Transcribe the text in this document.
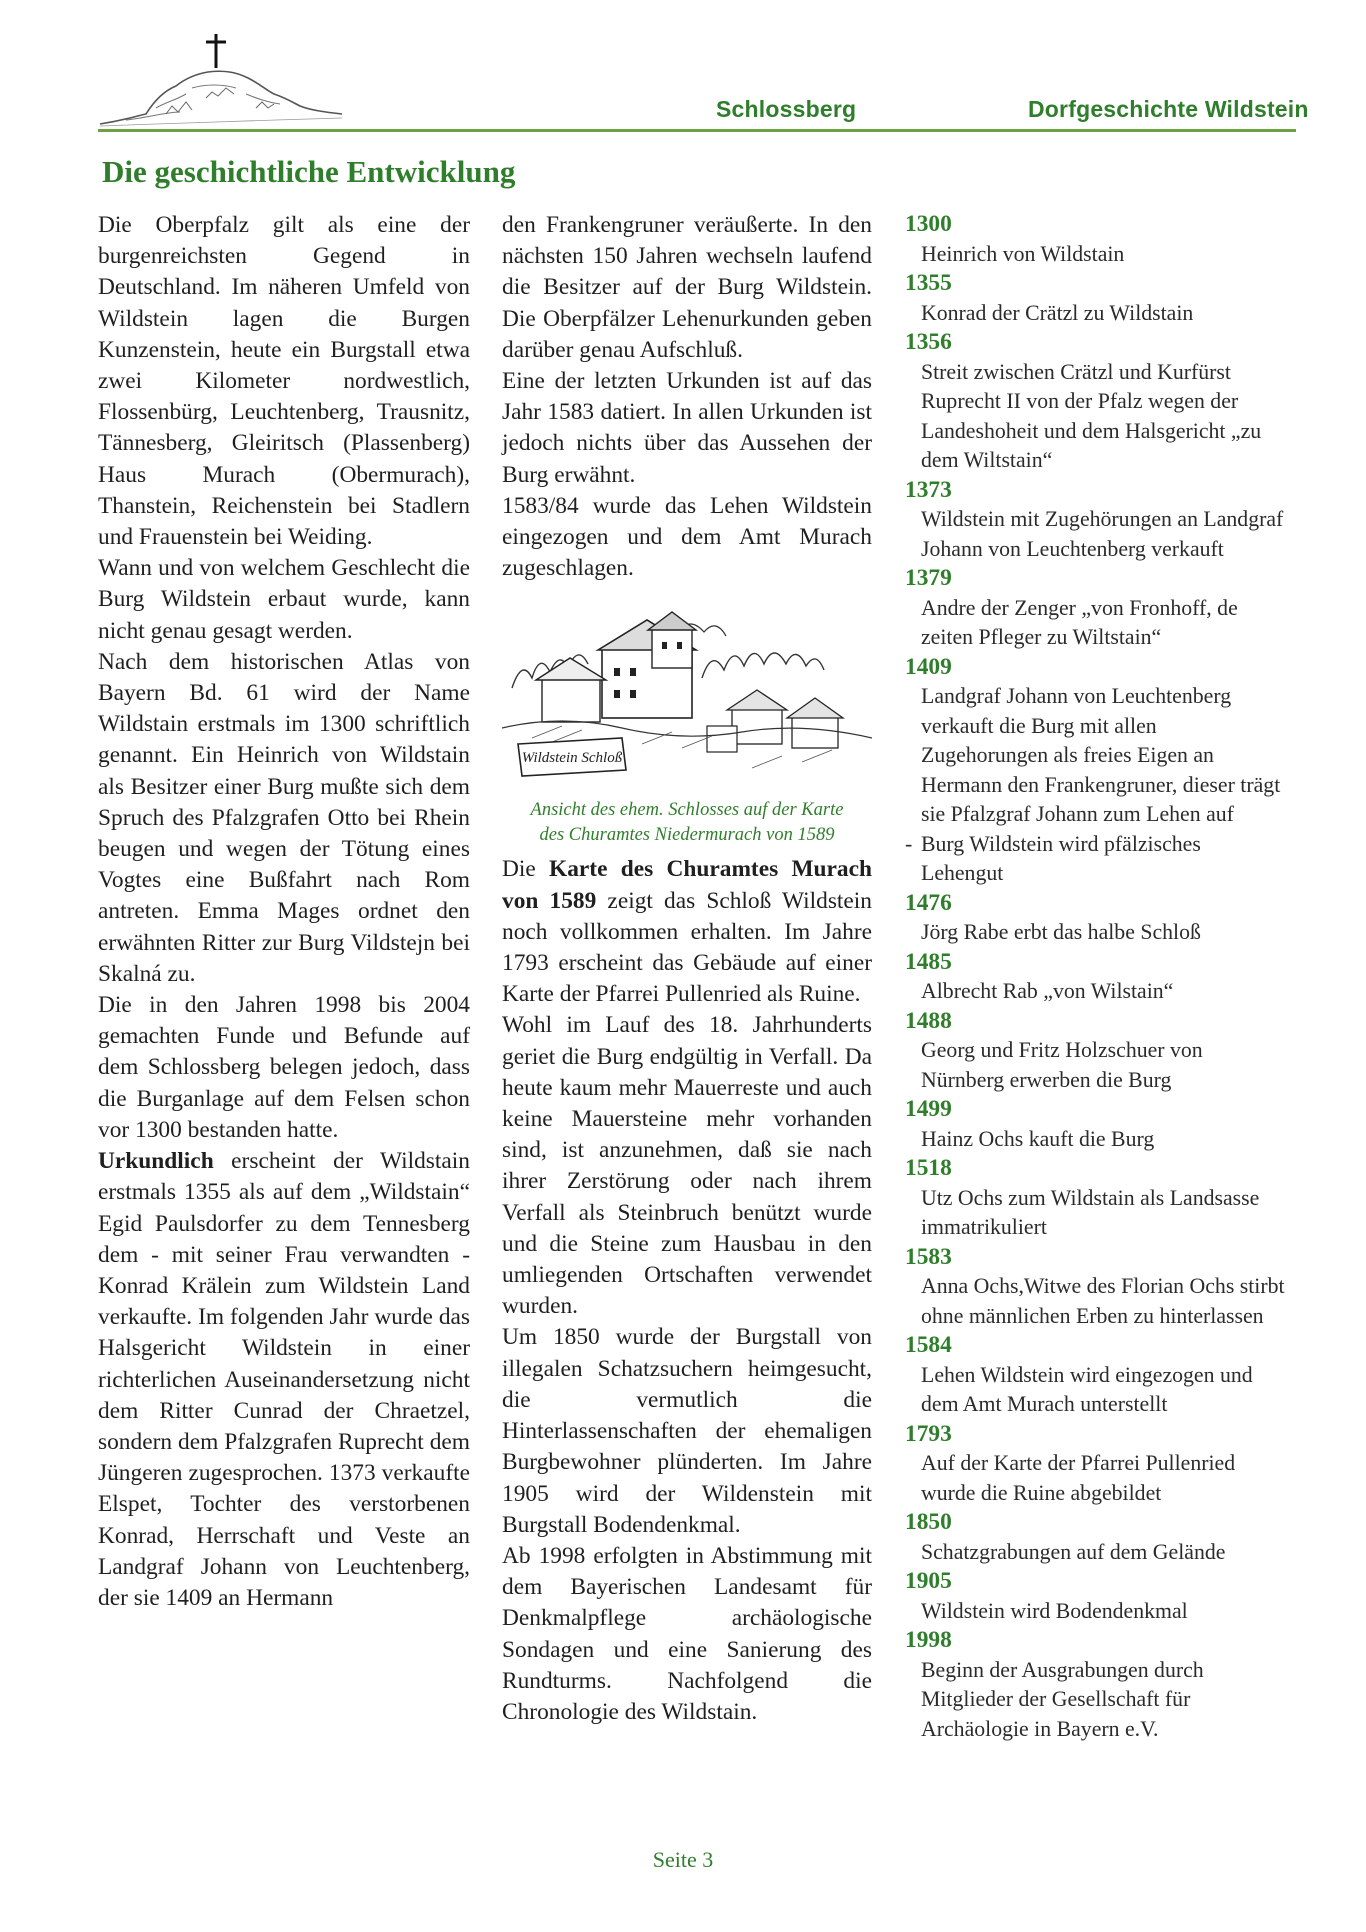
Schlossberg	Dorfgeschichte Wildstein
Die geschichtliche Entwicklung

Die Oberpfalz gilt als eine der burgenreichsten Gegend in Deutschland. Im näheren Umfeld von Wildstein lagen die Burgen Kunzenstein, heute ein Burgstall etwa zwei Kilometer nordwestlich, Flossenbürg, Leuchtenberg, Trausnitz, Tännesberg, Gleiritsch (Plassenberg) Haus Murach (Obermurach), Thanstein, Reichenstein bei Stadlern und Frauenstein bei Weiding.

Wann und von welchem Geschlecht die Burg Wildstein erbaut wurde, kann nicht genau gesagt werden.

Nach dem historischen Atlas von Bayern Bd. 61 wird der Name Wildstain erstmals im 1300 schriftlich genannt. Ein Heinrich von Wildstain als Besitzer einer Burg mußte sich dem Spruch des Pfalzgrafen Otto bei Rhein beugen und wegen der Tötung eines Vogtes eine Bußfahrt nach Rom antreten. Emma Mages ordnet den erwähnten Ritter zur Burg Vildstejn bei Skalná zu.

Die in den Jahren 1998 bis 2004 gemachten Funde und Befunde auf dem Schlossberg belegen jedoch, dass die Burganlage auf dem Felsen schon vor 1300 bestanden hatte.

Urkundlich erscheint der Wildstain erstmals 1355 als auf dem „Wildstain“ Egid Paulsdorfer zu dem Tennesberg dem - mit seiner Frau verwandten - Konrad Krälein zum Wildstein Land verkaufte. Im folgenden Jahr wurde das Halsgericht Wildstein in einer richterlichen Auseinandersetzung nicht dem Ritter Cunrad der Chraetzel, sondern dem Pfalzgrafen Ruprecht dem Jüngeren zugesprochen. 1373 verkaufte Elspet, Tochter des verstorbenen Konrad, Herrschaft und Veste an Landgraf Johann von Leuchtenberg, der sie 1409 an Hermann

den Frankengruner veräußerte. In den nächsten 150 Jahren wechseln laufend die Besitzer auf der Burg Wildstein. Die Oberpfälzer Lehenurkunden geben darüber genau Aufschluß.

Eine der letzten Urkunden ist auf das Jahr 1583 datiert. In allen Urkunden ist jedoch nichts über das Aussehen der Burg erwähnt.

1583/84 wurde das Lehen Wildstein eingezogen und dem Amt Murach zugeschlagen.

Wildstein Schloß

Ansicht des ehem. Schlosses auf der Karte
des Churamtes Niedermurach von 1589

Die Karte des Churamtes Murach von 1589 zeigt das Schloß Wildstein noch vollkommen erhalten. Im Jahre 1793 erscheint das Gebäude auf einer Karte der Pfarrei Pullenried als Ruine.

Wohl im Lauf des 18. Jahrhunderts geriet die Burg endgültig in Verfall. Da heute kaum mehr Mauerreste und auch keine Mauersteine mehr vorhanden sind, ist anzunehmen, daß sie nach ihrer Zerstörung oder nach ihrem Verfall als Steinbruch benützt wurde und die Steine zum Hausbau in den umliegenden Ortschaften verwendet wurden.

Um 1850 wurde der Burgstall von illegalen Schatzsuchern heimgesucht, die vermutlich die Hinterlassenschaften der ehemaligen Burgbewohner plünderten. Im Jahre 1905 wird der Wildenstein mit Burgstall Bodendenkmal.

Ab 1998 erfolgten in Abstimmung mit dem Bayerischen Landesamt für Denkmalpflege archäologische Sondagen und eine Sanierung des Rundturms. Nachfolgend die Chronologie des Wildstain.

1300
Heinrich von Wildstain
1355
Konrad der Crätzl zu Wildstain
1356
Streit zwischen Crätzl und Kurfürst Ruprecht II von der Pfalz wegen der Landeshoheit und dem Halsgericht „zu dem Wiltstain“
1373
Wildstein mit Zugehörungen an Landgraf Johann von Leuchtenberg verkauft
1379
Andre der Zenger „von Fronhoff, de zeiten Pfleger zu Wiltstain“
1409
Landgraf Johann von Leuchtenberg verkauft die Burg mit allen Zugehorungen als freies Eigen an Hermann den Frankengruner, dieser trägt sie Pfalzgraf Johann zum Lehen auf
- Burg Wildstein wird pfälzisches Lehengut
1476
Jörg Rabe erbt das halbe Schloß
1485
Albrecht Rab „von Wilstain“
1488
Georg und Fritz Holzschuer von Nürnberg erwerben die Burg
1499
Hainz Ochs kauft die Burg
1518
Utz Ochs zum Wildstain als Landsasse immatrikuliert
1583
Anna Ochs,Witwe des Florian Ochs stirbt ohne männlichen Erben zu hinterlassen
1584
Lehen Wildstein wird eingezogen und dem Amt Murach unterstellt
1793
Auf der Karte der Pfarrei Pullenried wurde die Ruine abgebildet
1850
Schatzgrabungen auf dem Gelände
1905
Wildstein wird Bodendenkmal
1998
Beginn der Ausgrabungen durch Mitglieder der Gesellschaft für Archäologie in Bayern e.V.
Seite 3
